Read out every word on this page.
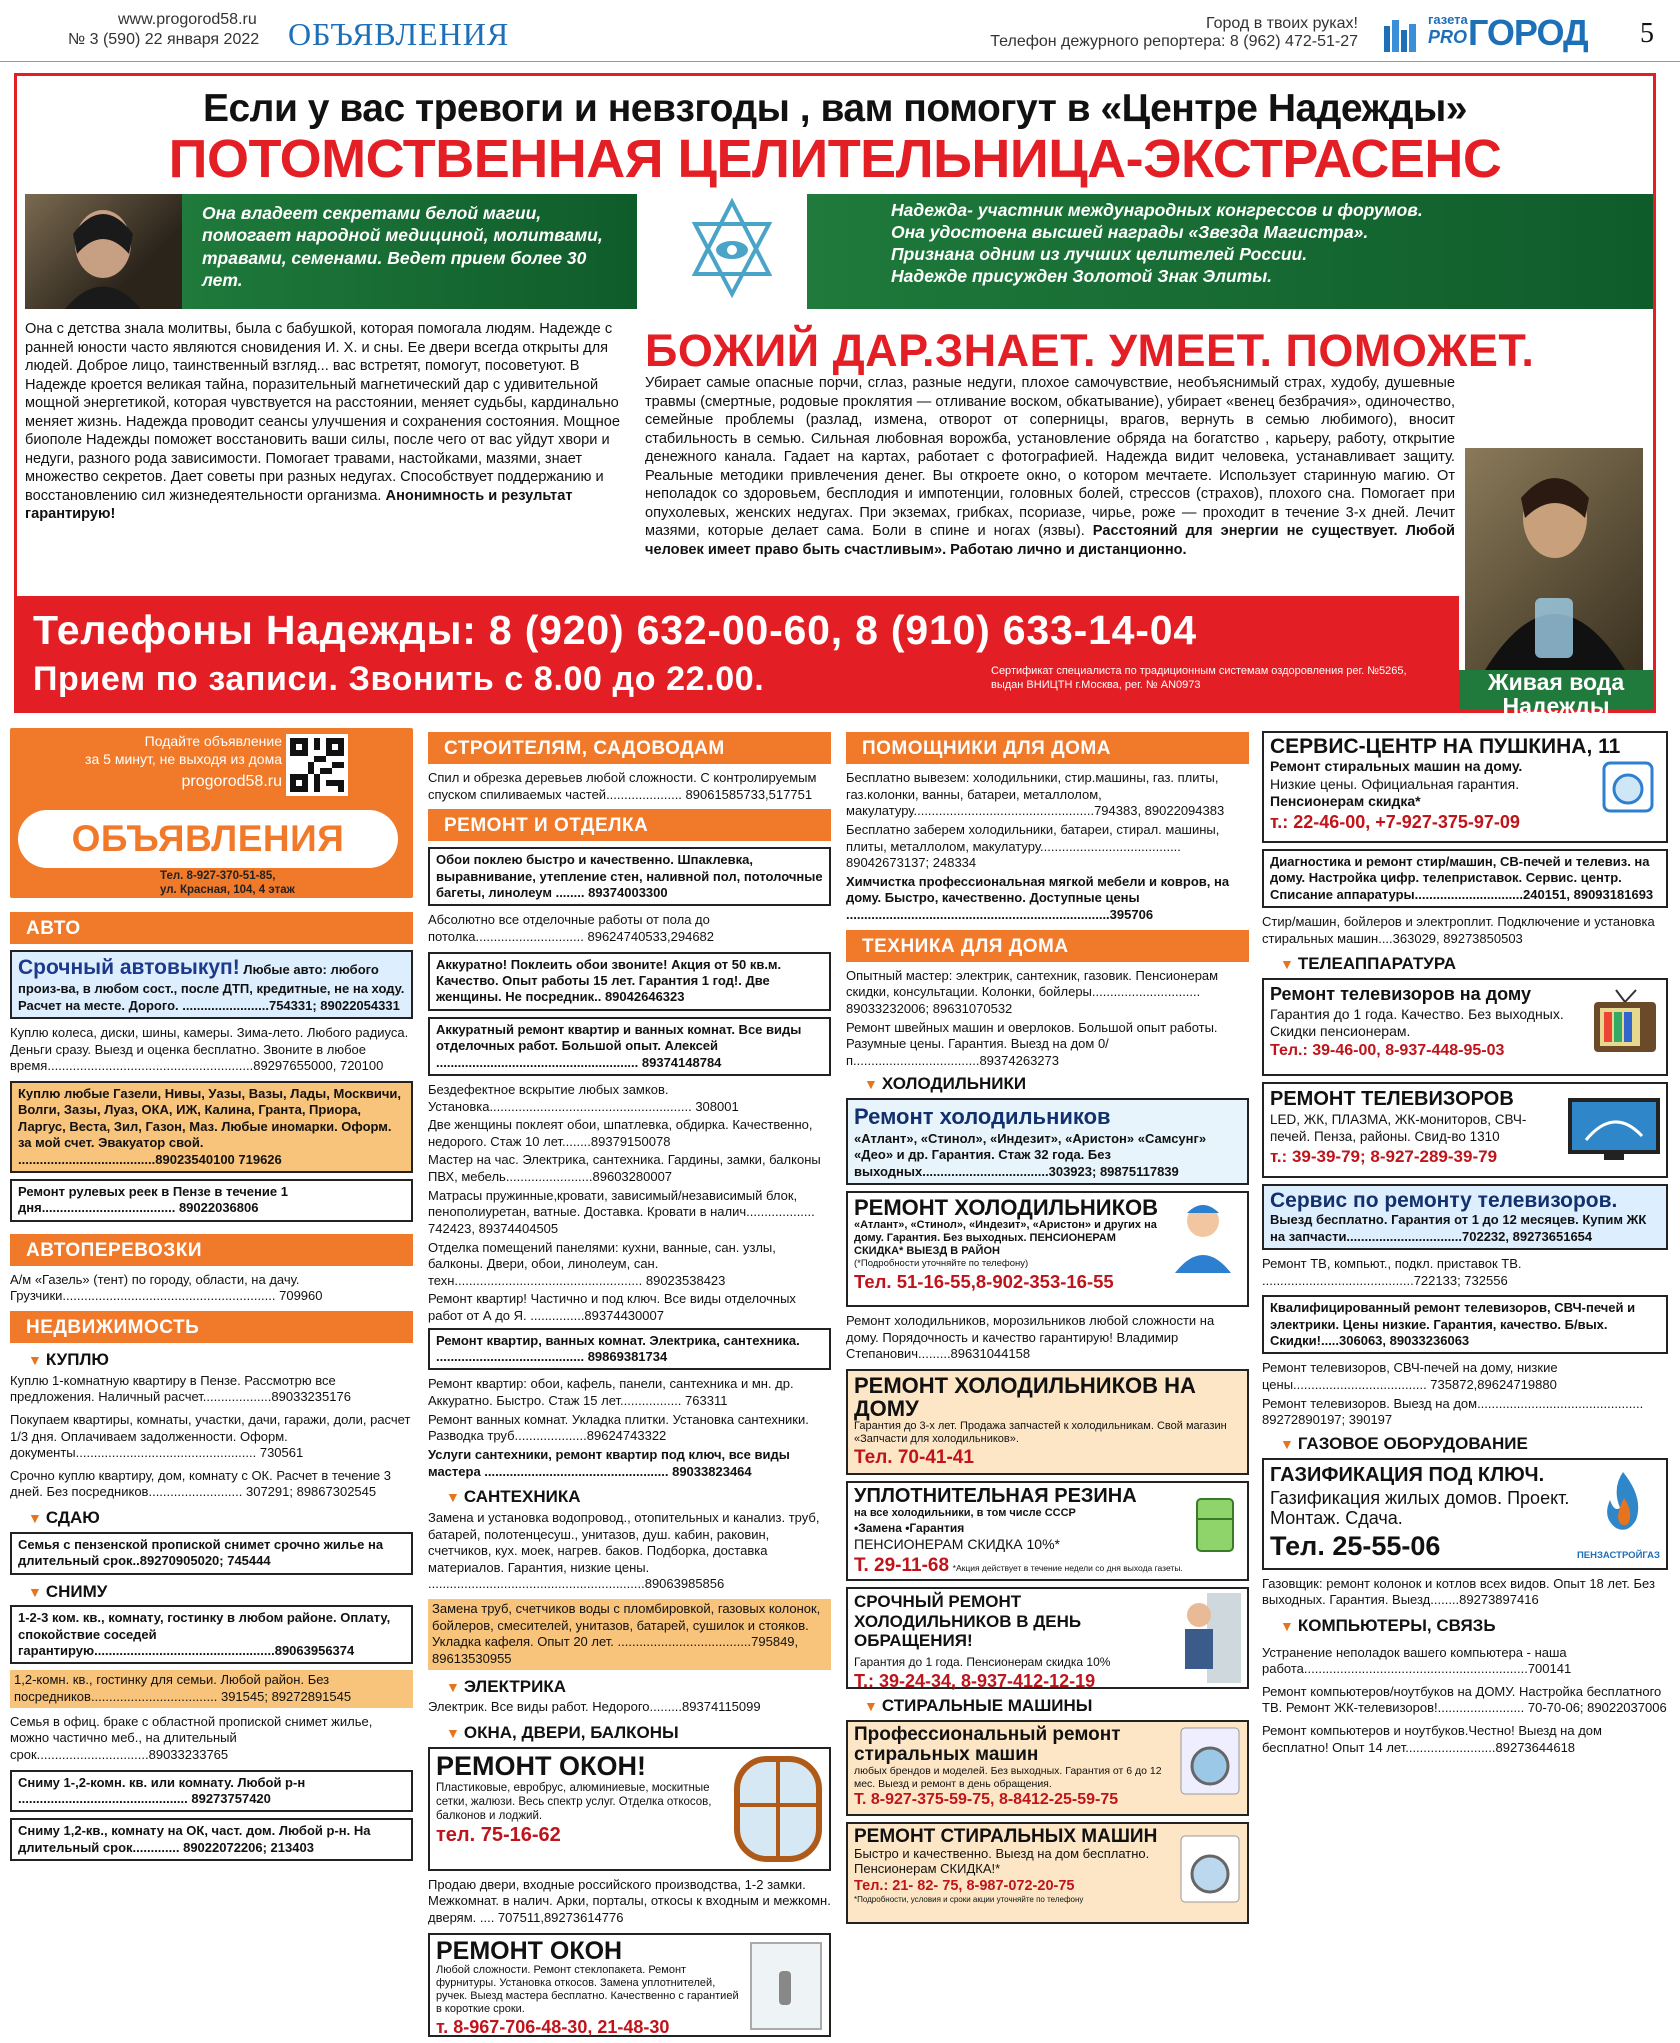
www.progorod58.ru
№ 3 (590) 22 января 2022 ОБЪЯВЛЕНИЯ	Город в твоих руках!
Телефон дежурного репортера: 8 (962) 472-51-27
газета
PRO ГОРОД 5
Если у вас тревоги и невзгоды , вам помогут в «Центре Надежды»
ПОТОМСТВЕННАЯ ЦЕЛИТЕЛЬНИЦА-ЭКСТРАСЕНС
Она владеет секретами белой магии, помогает народной медициной, молитвами, травами, семенами. Ведет прием более 30 лет.
Надежда- участник международных конгрессов и форумов.
Она удостоена высшей награды «Звезда Магистра».
Признана одним из лучших целителей России.
Надежде присужден Золотой Знак Элиты.
Она с детства знала молитвы, была с бабушкой, которая помогала людям. Надежде с ранней юности часто являются сновидения И. Х. и сны. Ее двери всегда открыты для людей. Доброе лицо, таинственный взгляд... вас встретят, помогут, посоветуют. В Надежде кроется великая тайна, поразительный магнетический дар с удивительной мощной энергетикой, которая чувствуется на расстоянии, меняет судьбы, кардинально меняет жизнь. Надежда проводит сеансы улучшения и сохранения состояния. Мощное биополе Надежды поможет восстановить ваши силы, после чего от вас уйдут хвори и недуги, разного рода зависимости. Помогает травами, настойками, мазями, знает множество секретов. Дает советы при разных недугах. Способствует поддержанию и восстановлению сил жизнедеятельности организма. Анонимность и результат гарантирую!
БОЖИЙ ДАР.ЗНАЕТ. УМЕЕТ. ПОМОЖЕТ.
Убирает самые опасные порчи, сглаз, разные недуги, плохое самочувствие, необъяснимый страх, худобу, душевные травмы (смертные, родовые проклятия — отливание воском, обкатывание), убирает «венец безбрачия», одиночество, семейные проблемы (разлад, измена, отворот от соперницы, врагов, вернуть в семью любимого), вносит стабильность в семью. Сильная любовная ворожба, установление обряда на богатство , карьеру, работу, открытие денежного канала. Гадает на картах, работает с фотографией. Надежда видит человека, устанавливает защиту. Реальные методики привлечения денег. Вы откроете окно, о котором мечтаете. Использует старинную магию. От неполадок со здоровьем, бесплодия и импотенции, головных болей, стрессов (страхов), плохого сна. Помогает при опухолевых, женских недугах. При экземах, грибках, псориазе, чирье, роже — проходит в течение 3-х дней. Лечит мазями, которые делает сама. Боли в спине и ногах (язвы). Расстояний для энергии не существует. Любой человек имеет право быть счастливым». Работаю лично и дистанционно.
Телефоны Надежды: 8 (920) 632-00-60, 8 (910) 633-14-04
Прием по записи. Звонить с 8.00 до 22.00.	Сертификат специалиста по традиционным системам оздоровления рег. №5265, выдан ВНИЦТН г.Москва, рег. № AN0973	Живая вода Надежды
Подайте объявление
за 5 минут, не выходя из дома
progorod58.ru
ОБЪЯВЛЕНИЯ
Тел. 8-927-370-51-85,
ул. Красная, 104, 4 этаж
АВТО
Срочный автовыкуп! Любые авто: любого произ-ва, в любом сост., после ДТП, кредитные, не на ходу. Расчет на месте. Дорого. ........................754331; 89022054331
Куплю колеса, диски, шины, камеры. Зима-лето. Любого радиуса. Деньги сразу. Выезд и оценка бесплатно. Звоните в любое время.........................................................89297655000, 720100
Куплю любые Газели, Нивы, Уазы, Вазы, Лады, Москвичи, Волги, Зазы, Луаз, ОКА, ИЖ, Калина, Гранта, Приора, Ларгус, Веста, Зил, Газон, Маз. Любые иномарки. Оформ. за мой счет. Эвакуатор свой. ......................................89023540100 719626
Ремонт рулевых реек в Пензе в течение 1 дня..................................... 89022036806
АВТОПЕРЕВОЗКИ
А/м «Газель» (тент) по городу, области, на дачу. Грузчики........................................................... 709960
НЕДВИЖИМОСТЬ
▼ КУПЛЮ
Куплю 1-комнатную квартиру в Пензе. Рассмотрю все предложения. Наличный расчет...................89033235176
Покупаем квартиры, комнаты, участки, дачи, гаражи, доли, расчет 1/3 дня. Оплачиваем задолженности. Оформ. документы.................................................. 730561
Срочно куплю квартиру, дом, комнату с ОК. Расчет в течение 3 дней. Без посредников.......................... 307291; 89867302545
▼ СДАЮ
Семья с пензенской пропиской снимет срочно жилье на длительный срок..89270905020; 745444
▼ СНИМУ
1-2-3 ком. кв., комнату, гостинку в любом районе. Оплату, спокойствие соседей гарантирую..................................................89063956374
1,2-комн. кв., гостинку для семьи. Любой район. Без посредников................................... 391545; 89272891545
Семья в офиц. браке с областной пропиской снимет жилье, можно частично меб., на длительный срок...............................89033233765
Сниму 1-,2-комн. кв. или комнату. Любой р-н ............................................... 89273757420
Сниму 1,2-кв., комнату на ОК, част. дом. Любой р-н. На длительный срок............. 89022072206; 213403
СТРОИТЕЛЯМ, САДОВОДАМ
Спил и обрезка деревьев любой сложности. С контролируемым спуском спиливаемых частей..................... 89061585733,517751
РЕМОНТ И ОТДЕЛКА
Обои поклею быстро и качественно. Шпаклевка, выравнивание, утепление стен, наливной пол, потолочные багеты, линолеум ........ 89374003300
Абсолютно все отделочные работы от пола до потолка.............................. 89624740533,294682
Аккуратно! Поклеить обои звоните! Акция от 50 кв.м. Качество. Опыт работы 15 лет. Гарантия 1 год!. Две женщины. Не посредник.. 89042646323
Аккуратный ремонт квартир и ванных комнат. Все виды отделочных работ. Большой опыт. Алексей ........................................................ 89374148784
Бездефектное вскрытие любых замков. Установка........................................................ 308001
Две женщины поклеят обои, шпатлевка, обдирка. Качественно, недорого. Стаж 10 лет........89379150078
Мастер на час. Электрика, сантехника. Гардины, замки, балконы ПВХ, мебель........................89603280007
Матрасы пружинные,кровати, зависимый/независимый блок, пенополиуретан, ватные. Доставка. Кровати в налич................... 742423, 89374404505
Отделка помещений панелями: кухни, ванные, сан. узлы, балконы. Двери, обои, линолеум, сан. техн.................................................... 89023538423
Ремонт квартир! Частично и под ключ. Все виды отделочных работ от А до Я. ...............89374430007
Ремонт квартир, ванных комнат. Электрика, сантехника. ......................................... 89869381734
Ремонт квартир: обои, кафель, панели, сантехника и мн. др. Аккуратно. Быстро. Стаж 15 лет................. 763311
Ремонт ванных комнат. Укладка плитки. Установка сантехники. Разводка труб....................89624743322
Услуги сантехники, ремонт квартир под ключ, все виды мастера ................................................... 89033823464
▼ САНТЕХНИКА
Замена и установка водопровод., отопительных и канализ. труб, батарей, полотенцесуш., унитазов, душ. кабин, раковин, счетчиков, кух. моек, нагрев. баков. Подборка, доставка материалов. Гарантия, низкие цены. ............................................................89063985856
Замена труб, счетчиков воды с пломбировкой, газовых колонок, бойлеров, смесителей, унитазов, батарей, сушилок и стояков. Укладка кафеля. Опыт 20 лет. .....................................795849, 89613530955
▼ ЭЛЕКТРИКА
Электрик. Все виды работ. Недорого.........89374115099
▼ ОКНА, ДВЕРИ, БАЛКОНЫ
РЕМОНТ ОКОН!
Пластиковые, евробрус, алюминиевые, москитные сетки, жалюзи. Весь спектр услуг. Отделка откосов, балконов и лоджий.
тел. 75-16-62
Продаю двери, входные российского производства, 1-2 замки. Межкомнат. в налич. Арки, порталы, откосы к входным и межкомн. дверям. .... 707511,89273614776
РЕМОНТ ОКОН
Любой сложности. Ремонт стеклопакета. Ремонт фурнитуры. Установка откосов. Замена уплотнителей, ручек. Выезд мастера бесплатно. Качественно с гарантией в короткие сроки.
т. 8-967-706-48-30, 21-48-30
ПОМОЩНИКИ ДЛЯ ДОМА
Бесплатно вывезем: холодильники, стир.машины, газ. плиты, газ.колонки, ванны, батареи, металлолом, макулатуру..................................................794383, 89022094383
Бесплатно заберем холодильники, батареи, стирал. машины, плиты, металлолом, макулатуру....................................... 89042673137; 248334
Химчистка профессиональная мягкой мебели и ковров, на дому. Быстро, качественно. Доступные цены .........................................................................395706
ТЕХНИКА ДЛЯ ДОМА
Опытный мастер: электрик, сантехник, газовик. Пенсионерам скидки, консультации. Колонки, бойлеры.............................. 89033232006; 89631070532
Ремонт швейных машин и оверлоков. Большой опыт работы. Разумные цены. Гарантия. Выезд на дом 0/п...................................89374263273
▼ ХОЛОДИЛЬНИКИ
Ремонт холодильников
«Атлант», «Стинол», «Индезит», «Аристон» «Самсунг» «Део» и др. Гарантия. Стаж 32 года. Без выходных...................................303923; 89875117839
РЕМОНТ ХОЛОДИЛЬНИКОВ
«Атлант», «Стинол», «Индезит», «Аристон» и других на дому. Гарантия. Без выходных. ПЕНСИОНЕРАМ СКИДКА* ВЫЕЗД В РАЙОН
(*Подробности уточняйте по телефону)
Тел. 51-16-55,8-902-353-16-55
Ремонт холодильников, морозильников любой сложности на дому. Порядочность и качество гарантирую! Владимир Степанович.........89631044158
РЕМОНТ ХОЛОДИЛЬНИКОВ НА ДОМУ
Гарантия до 3-х лет. Продажа запчастей к холодильникам. Свой магазин «Запчасти для холодильников».
Тел. 70-41-41
УПЛОТНИТЕЛЬНАЯ РЕЗИНА
на все холодильники, в том числе СССР
•Замена •Гарантия
ПЕНСИОНЕРАМ СКИДКА 10%*
Т. 29-11-68 *Акция действует в течение недели со дня выхода газеты.
СРОЧНЫЙ РЕМОНТ ХОЛОДИЛЬНИКОВ В ДЕНЬ ОБРАЩЕНИЯ!
Гарантия до 1 года. Пенсионерам скидка 10%
Т.: 39-24-34, 8-937-412-12-19
▼ СТИРАЛЬНЫЕ МАШИНЫ
Профессиональный ремонт стиральных машин
любых брендов и моделей. Без выходных. Гарантия от 6 до 12 мес. Выезд и ремонт в день обращения.
Т. 8-927-375-59-75, 8-8412-25-59-75
РЕМОНТ СТИРАЛЬНЫХ МАШИН
Быстро и качественно. Выезд на дом бесплатно. Пенсионерам СКИДКА!*
Тел.: 21- 82- 75, 8-987-072-20-75
*Подробности, условия и сроки акции уточняйте по телефону
СЕРВИС-ЦЕНТР НА ПУШКИНА, 11
Ремонт стиральных машин на дому.
Низкие цены. Официальная гарантия.
Пенсионерам скидка*
т.: 22-46-00, +7-927-375-97-09
Диагностика и ремонт стир/машин, СВ-печей и телевиз. на дому. Настройка цифр. телеприставок. Сервис. центр. Списание аппаратуры..............................240151, 89093181693
Стир/машин, бойлеров и электроплит. Подключение и установка стиральных машин....363029, 89273850503
▼ ТЕЛЕАППАРАТУРА
Ремонт телевизоров на дому
Гарантия до 1 года. Качество. Без выходных. Скидки пенсионерам.
Тел.: 39-46-00, 8-937-448-95-03
РЕМОНТ ТЕЛЕВИЗОРОВ
LED, ЖК, ПЛАЗМА, ЖК-мониторов, СВЧ-печей. Пенза, районы. Свид-во 1310
т.: 39-39-79; 8-927-289-39-79
Сервис по ремонту телевизоров.
Выезд бесплатно. Гарантия от 1 до 12 месяцев. Купим ЖК на запчасти................................702232, 89273651654
Ремонт ТВ, компьют., подкл. приставок ТВ. ..........................................722133; 732556
Квалифицированный ремонт телевизоров, СВЧ-печей и электрики. Цены низкие. Гарантия, качество. Б/вых. Скидки!.....306063, 89033236063
Ремонт телевизоров, СВЧ-печей на дому, низкие цены..................................... 735872,89624719880
Ремонт телевизоров. Выезд на дом.............................................. 89272890197; 390197
▼ ГАЗОВОЕ ОБОРУДОВАНИЕ
ГАЗИФИКАЦИЯ ПОД КЛЮЧ.
Газификация жилых домов. Проект. Монтаж. Сдача.
Тел. 25-55-06	ПЕНЗАСТРОЙГАЗ
Газовщик: ремонт колонок и котлов всех видов. Опыт 18 лет. Без выходных. Гарантия. Выезд........89273897416
▼ КОМПЬЮТЕРЫ, СВЯЗЬ
Устранение неполадок вашего компьютера - наша работа..............................................................700141
Ремонт компьютеров/ноутбуков на ДОМУ. Настройка бесплатного ТВ. Ремонт ЖК-телевизоров!........................ 70-70-06; 89022037006
Ремонт компьютеров и ноутбуков.Честно! Выезд на дом бесплатно! Опыт 14 лет.........................89273644618
